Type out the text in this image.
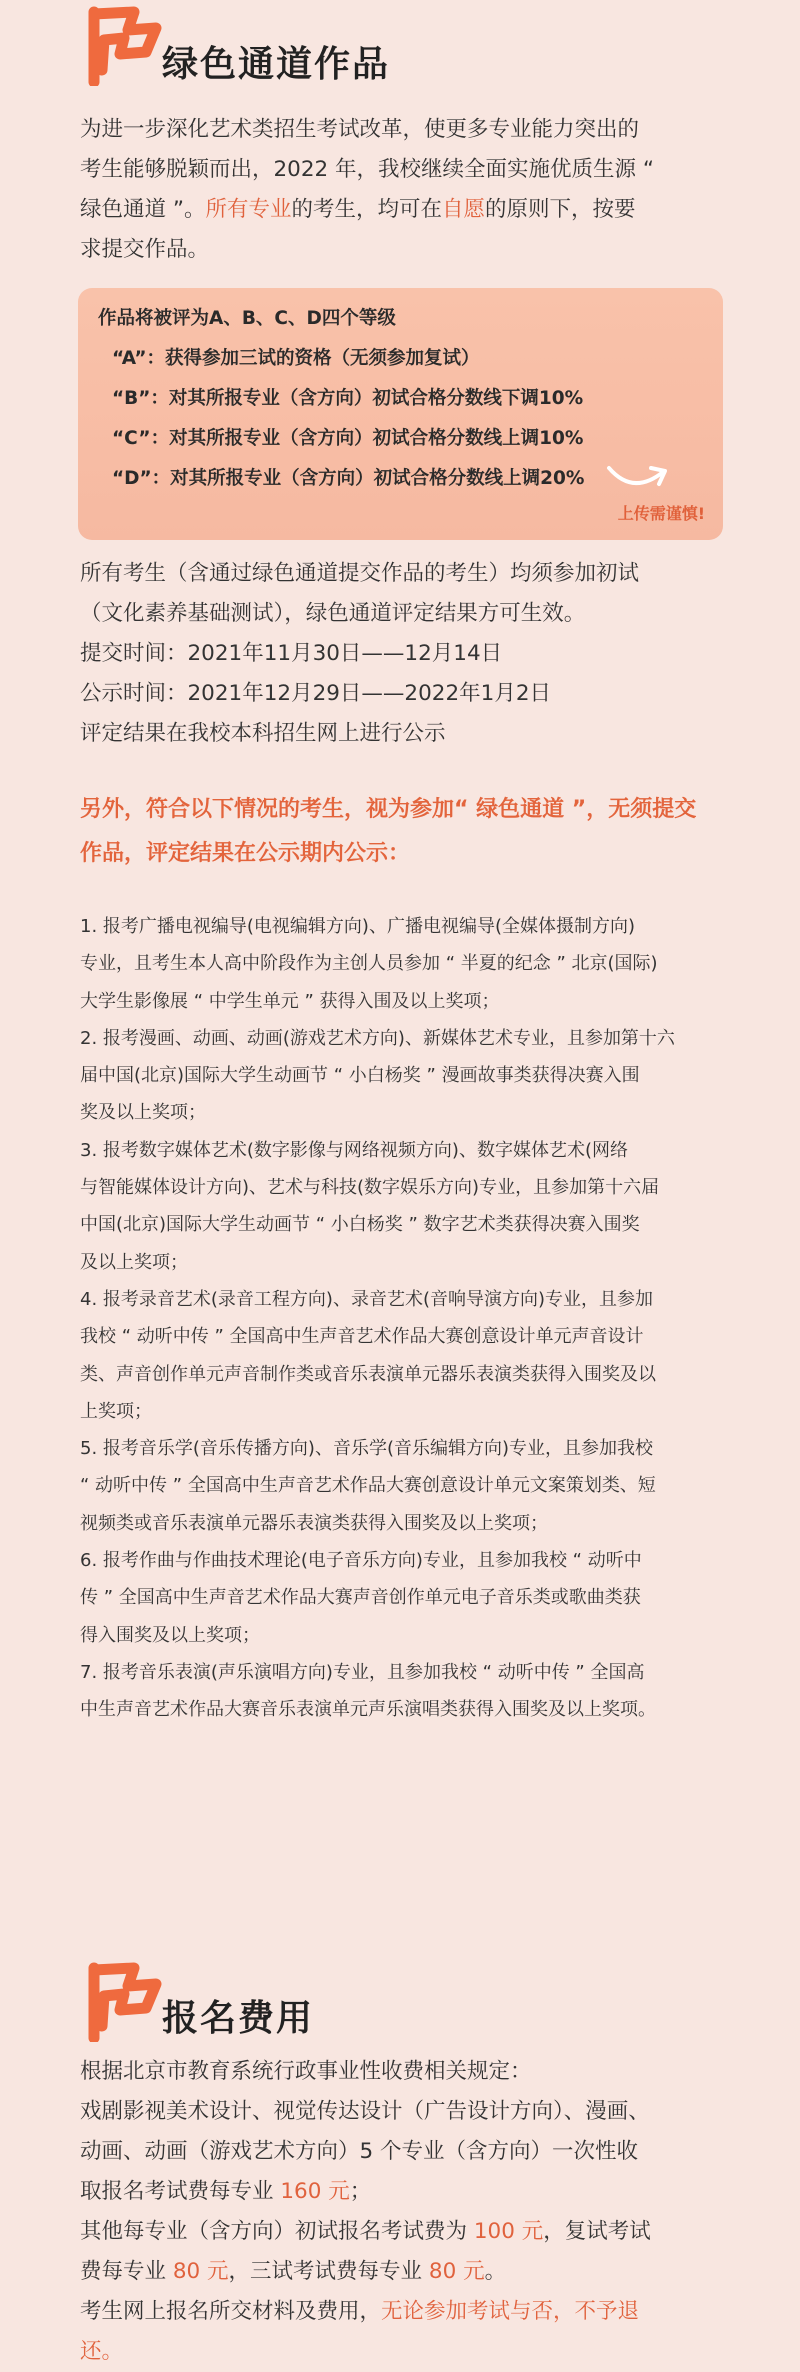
绿色通道作品
为进一步深化艺术类招生考试改革，使更多专业能力突出的
考生能够脱颖而出，2022 年，我校继续全面实施优质生源 “
绿色通道 ”。所有专业的考生，均可在自愿的原则下，按要
求提交作品。
作品将被评为A、B、C、D四个等级
“A”：获得参加三试的资格（无须参加复试）
“B”：对其所报专业（含方向）初试合格分数线下调10%
“C”：对其所报专业（含方向）初试合格分数线上调10%
“D”：对其所报专业（含方向）初试合格分数线上调20%
上传需谨慎!
所有考生（含通过绿色通道提交作品的考生）均须参加初试
（文化素养基础测试），绿色通道评定结果方可生效。
提交时间：2021年11月30日——12月14日
公示时间：2021年12月29日——2022年1月2日
评定结果在我校本科招生网上进行公示
另外，符合以下情况的考生，视为参加“ 绿色通道 ”，无须提交
作品，评定结果在公示期内公示：
1. 报考广播电视编导(电视编辑方向)、广播电视编导(全媒体摄制方向)
专业，且考生本人高中阶段作为主创人员参加 “ 半夏的纪念 ” 北京(国际)
大学生影像展 “ 中学生单元 ” 获得入围及以上奖项；
2. 报考漫画、动画、动画(游戏艺术方向)、新媒体艺术专业，且参加第十六
届中国(北京)国际大学生动画节 “ 小白杨奖 ” 漫画故事类获得决赛入围
奖及以上奖项；
3. 报考数字媒体艺术(数字影像与网络视频方向)、数字媒体艺术(网络
与智能媒体设计方向)、艺术与科技(数字娱乐方向)专业，且参加第十六届
中国(北京)国际大学生动画节 “ 小白杨奖 ” 数字艺术类获得决赛入围奖
及以上奖项；
4. 报考录音艺术(录音工程方向)、录音艺术(音响导演方向)专业，且参加
我校 “ 动听中传 ” 全国高中生声音艺术作品大赛创意设计单元声音设计
类、声音创作单元声音制作类或音乐表演单元器乐表演类获得入围奖及以
上奖项；
5. 报考音乐学(音乐传播方向)、音乐学(音乐编辑方向)专业，且参加我校
“ 动听中传 ” 全国高中生声音艺术作品大赛创意设计单元文案策划类、短
视频类或音乐表演单元器乐表演类获得入围奖及以上奖项；
6. 报考作曲与作曲技术理论(电子音乐方向)专业，且参加我校 “ 动听中
传 ” 全国高中生声音艺术作品大赛声音创作单元电子音乐类或歌曲类获
得入围奖及以上奖项；
7. 报考音乐表演(声乐演唱方向)专业，且参加我校 “ 动听中传 ” 全国高
中生声音艺术作品大赛音乐表演单元声乐演唱类获得入围奖及以上奖项。
报名费用
根据北京市教育系统行政事业性收费相关规定：
戏剧影视美术设计、视觉传达设计（广告设计方向）、漫画、
动画、动画（游戏艺术方向）5 个专业（含方向）一次性收
取报名考试费每专业 160 元；
其他每专业（含方向）初试报名考试费为 100 元，复试考试
费每专业 80 元，三试考试费每专业 80 元。
考生网上报名所交材料及费用，无论参加考试与否，不予退
还。
